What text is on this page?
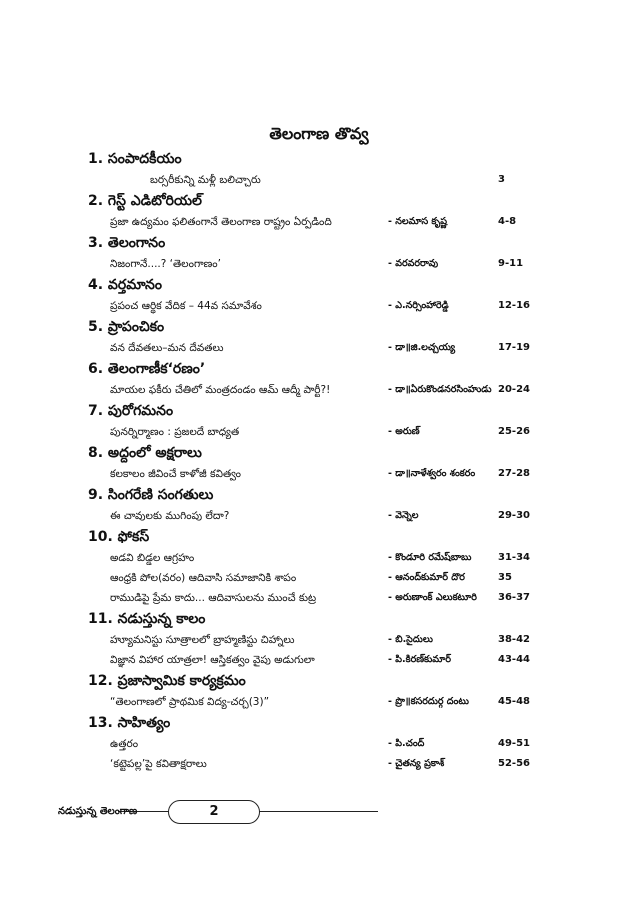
తెలంగాణ తొవ్వ
1. సంపాదకీయం
బర్సరీకున్ని మళ్లీ బలిచ్చారు	3
2. గెస్ట్ ఎడిటోరియల్
ప్రజా ఉద్యమం ఫలితంగానే తెలంగాణ రాష్ట్రం ఏర్పడింది	- నలమాస కృష్ణ	4-8
3. తెలంగానం
నిజంగానే....? ‘తెలంగాణం’	- వరవరరావు	9-11
4. వర్తమానం
ప్రపంచ ఆర్థిక వేదిక – 44వ సమావేశం	- ఎ.నర్సింహారెడ్డి	12-16
5. ప్రాపంచికం
వన దేవతలు–మన దేవతలు	- డా॥జి.లచ్చయ్య	17-19
6. తెలంగాణీక‘రణం’
మాయల ఫకీరు చేతిలో మంత్రదండం ఆమ్ ఆద్మీ పార్టీ?!	- డా॥ఏరుకొండనరసింహుడు 20-24
7. పురోగమనం
పునర్నిర్మాణం : ప్రజలదే బాధ్యత	- అరుణ్	25-26
8. అద్దంలో అక్షరాలు
కలకాలం జీవించే కాళోజీ కవిత్వం	- డా॥నాళేశ్వరం శంకరం 27-28
9. సింగరేణి సంగతులు
ఈ చావులకు ముగింపు లేదా?	- వెన్నెల	29-30
10. ఫోకస్
అడవి బిడ్డల ఆగ్రహం	- కొండూరి రమేష్‌బాబు	31-34
ఆంధ్రకి పోల(వరం) ఆదివాసి సమాజానికి శాపం	- ఆనంద్‌కుమార్ దొర	35
రాముడిపై ప్రేమ కాదు... ఆదివాసులను ముంచే కుట్ర	- అరుణాంక్ ఎలుకటూరి 36-37
11. నడుస్తున్న కాలం
హ్యూమనిస్టు సూత్రాలలో బ్రాహ్మణిస్టు చిహ్నాలు	- బి.సైదులు	38-42
విజ్ఞాన విహార యాత్రలా! ఆస్తికత్వం వైపు అడుగులా	- పి.కిరణ్‌కుమార్	43-44
12. ప్రజాస్వామిక కార్యక్రమం
“తెలంగాణలో ప్రాథమిక విద్య-చర్చ(3)”	- ప్రొ॥కసరదుర్గ దంటు	45-48
13. సాహిత్యం
ఉత్తరం	- పి.చంద్	49-51
‘కట్టెపల్ల’పై కవితాక్షరాలు	- చైతన్య ప్రకాశ్	52-56
నడుస్తున్న తెలంగాణ	2
